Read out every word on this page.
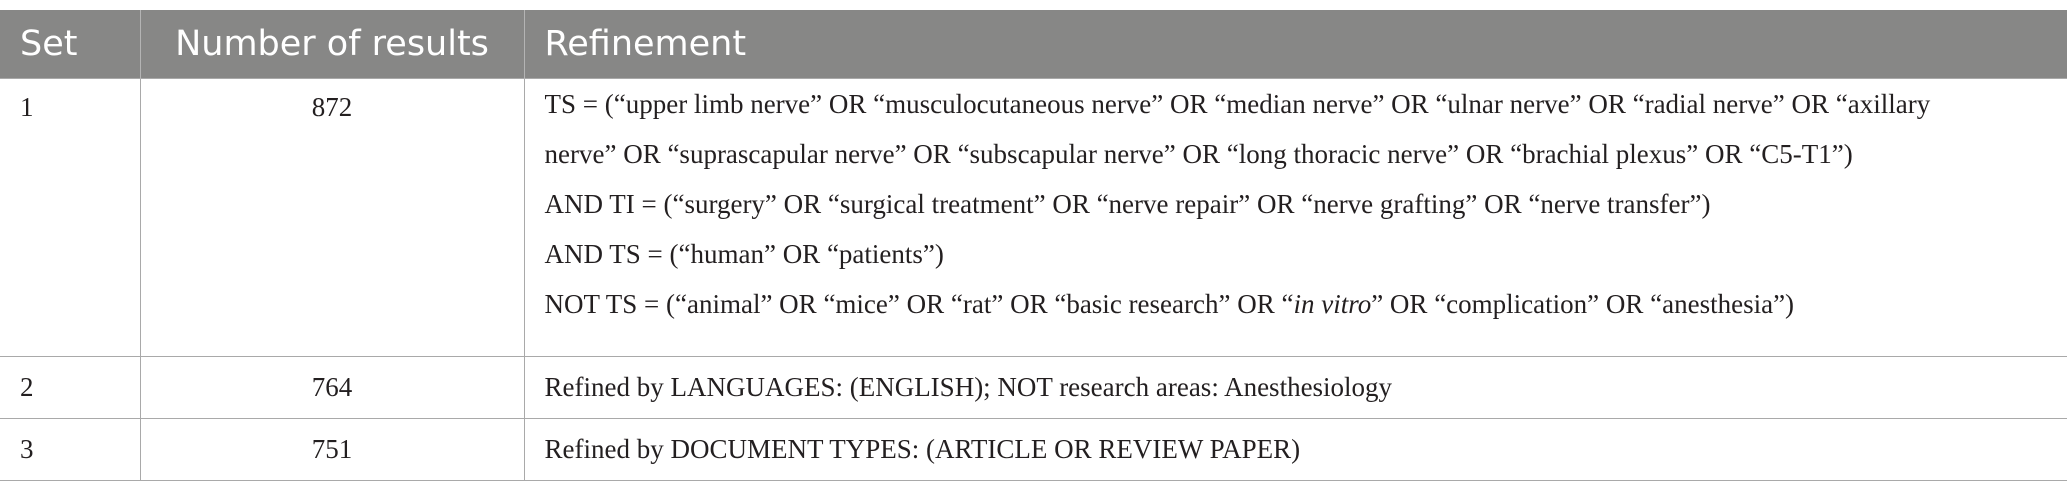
Set	Number of results	Refinement
1	872	TS = (“upper limb nerve” OR “musculocutaneous nerve” OR “median nerve” OR “ulnar nerve” OR “radial nerve” OR “axillary
nerve” OR “suprascapular nerve” OR “subscapular nerve” OR “long thoracic nerve” OR “brachial plexus” OR “C5-T1”)
AND TI = (“surgery” OR “surgical treatment” OR “nerve repair” OR “nerve grafting” OR “nerve transfer”)
AND TS = (“human” OR “patients”)
NOT TS = (“animal” OR “mice” OR “rat” OR “basic research” OR “in vitro” OR “complication” OR “anesthesia”)

2	764	Refined by LANGUAGES: (ENGLISH); NOT research areas: Anesthesiology
3	751	Refined by DOCUMENT TYPES: (ARTICLE OR REVIEW PAPER)
